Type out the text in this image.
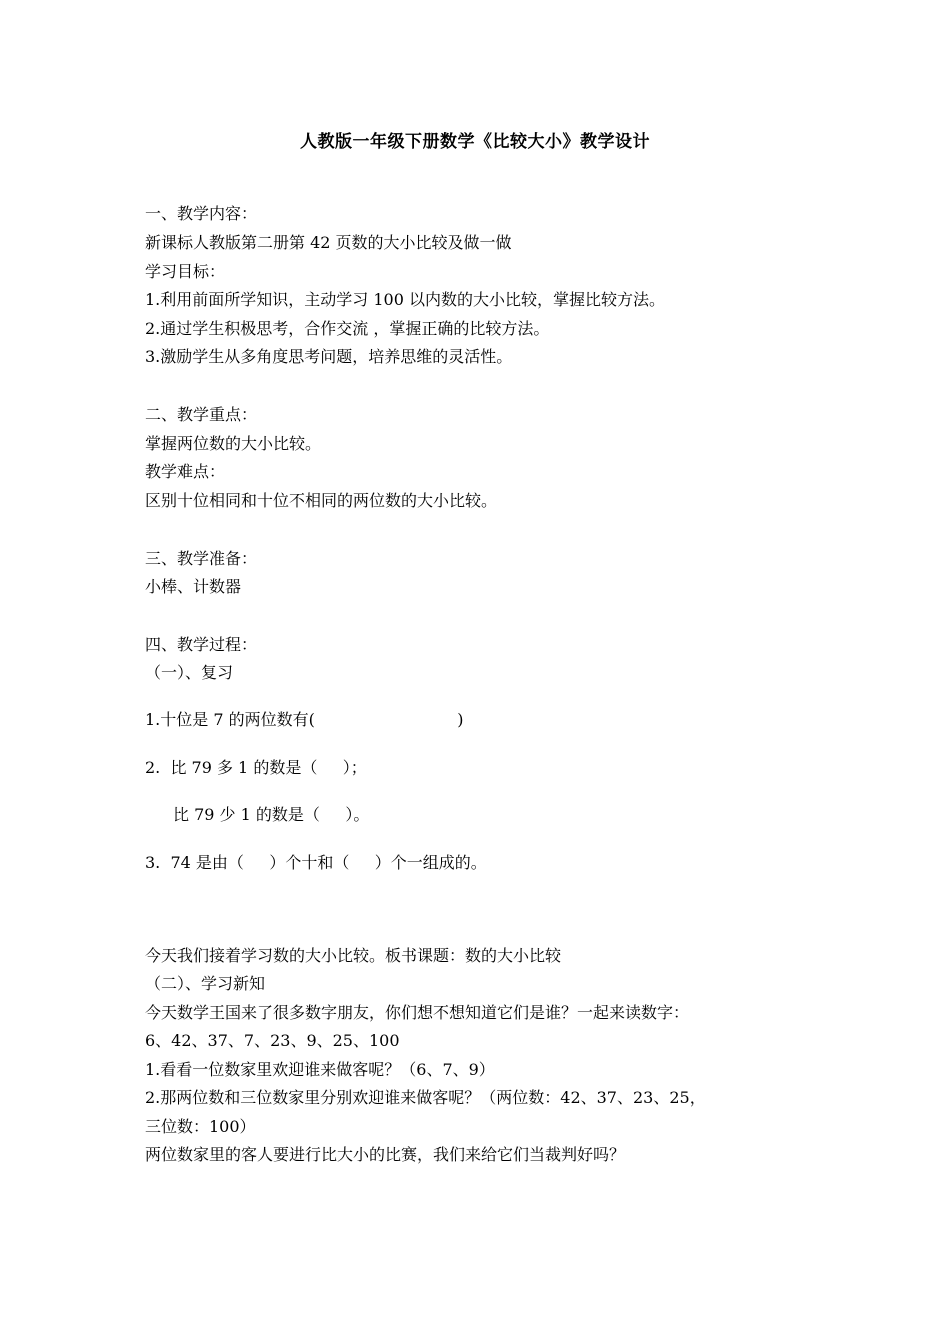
人教版一年级下册数学《比较大小》教学设计
一、教学内容：
新课标人教版第二册第 42 页数的大小比较及做一做
学习目标：
1.利用前面所学知识，主动学习 100 以内数的大小比较，掌握比较方法。
2.通过学生积极思考，合作交流 ，掌握正确的比较方法。
3.激励学生从多角度思考问题，培养思维的灵活性。
二、教学重点：
掌握两位数的大小比较。
教学难点：
区别十位相同和十位不相同的两位数的大小比较。
三、教学准备：
小棒、计数器
四、教学过程：
（一）、复习
1.十位是 7 的两位数有(                            )
2.  比 79 多 1 的数是（     ）；
比 79 少 1 的数是（     ）。
3.  74 是由（     ）个十和（     ）个一组成的。
今天我们接着学习数的大小比较。板书课题：数的大小比较
（二）、学习新知
今天数学王国来了很多数字朋友，你们想不想知道它们是谁？一起来读数字：
6、42、37、7、23、9、25、100
1.看看一位数家里欢迎谁来做客呢？（6、7、9）
2.那两位数和三位数家里分别欢迎谁来做客呢？（两位数：42、37、23、25，
三位数：100）
两位数家里的客人要进行比大小的比赛，我们来给它们当裁判好吗？
